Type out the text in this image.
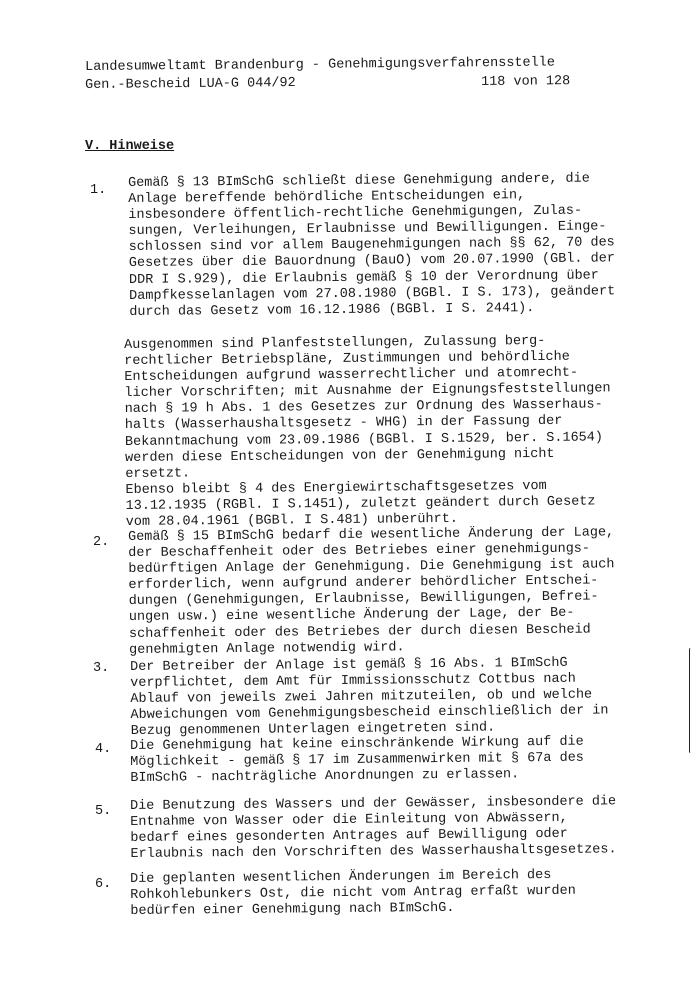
Landesumweltamt Brandenburg - Genehmigungsverfahrensstelle
Gen.-Bescheid LUA-G 044/92	118 von 128
V. Hinweise
1. Gemäß § 13 BImSchG schließt diese Genehmigung andere, die
Anlage bereffende behördliche Entscheidungen ein,
insbesondere öffentlich-rechtliche Genehmigungen, Zulas-
sungen, Verleihungen, Erlaubnisse und Bewilligungen. Einge-
schlossen sind vor allem Baugenehmigungen nach §§ 62, 70 des
Gesetzes über die Bauordnung (BauO) vom 20.07.1990 (GBl. der
DDR I S.929), die Erlaubnis gemäß § 10 der Verordnung über
Dampfkesselanlagen vom 27.08.1980 (BGBl. I S. 173), geändert
durch das Gesetz vom 16.12.1986 (BGBl. I S. 2441).
Ausgenommen sind Planfeststellungen, Zulassung berg-
rechtlicher Betriebspläne, Zustimmungen und behördliche
Entscheidungen aufgrund wasserrechtlicher und atomrecht-
licher Vorschriften; mit Ausnahme der Eignungsfeststellungen
nach § 19 h Abs. 1 des Gesetzes zur Ordnung des Wasserhaus-
halts (Wasserhaushaltsgesetz - WHG) in der Fassung der
Bekanntmachung vom 23.09.1986 (BGBl. I S.1529, ber. S.1654)
werden diese Entscheidungen von der Genehmigung nicht
ersetzt.
Ebenso bleibt § 4 des Energiewirtschaftsgesetzes vom
13.12.1935 (RGBl. I S.1451), zuletzt geändert durch Gesetz
vom 28.04.1961 (BGBl. I S.481) unberührt.
2. Gemäß § 15 BImSchG bedarf die wesentliche Änderung der Lage,
der Beschaffenheit oder des Betriebes einer genehmigungs-
bedürftigen Anlage der Genehmigung. Die Genehmigung ist auch
erforderlich, wenn aufgrund anderer behördlicher Entschei-
dungen (Genehmigungen, Erlaubnisse, Bewilligungen, Befrei-
ungen usw.) eine wesentliche Änderung der Lage, der Be-
schaffenheit oder des Betriebes der durch diesen Bescheid
genehmigten Anlage notwendig wird.
3. Der Betreiber der Anlage ist gemäß § 16 Abs. 1 BImSchG
verpflichtet, dem Amt für Immissionsschutz Cottbus nach
Ablauf von jeweils zwei Jahren mitzuteilen, ob und welche
Abweichungen vom Genehmigungsbescheid einschließlich der in
Bezug genommenen Unterlagen eingetreten sind.
4. Die Genehmigung hat keine einschränkende Wirkung auf die
Möglichkeit - gemäß § 17 im Zusammenwirken mit § 67a des
BImSchG - nachträgliche Anordnungen zu erlassen.
5. Die Benutzung des Wassers und der Gewässer, insbesondere die
Entnahme von Wasser oder die Einleitung von Abwässern,
bedarf eines gesonderten Antrages auf Bewilligung oder
Erlaubnis nach den Vorschriften des Wasserhaushaltsgesetzes.
6. Die geplanten wesentlichen Änderungen im Bereich des
Rohkohlebunkers Ost, die nicht vom Antrag erfaßt wurden
bedürfen einer Genehmigung nach BImSchG.
